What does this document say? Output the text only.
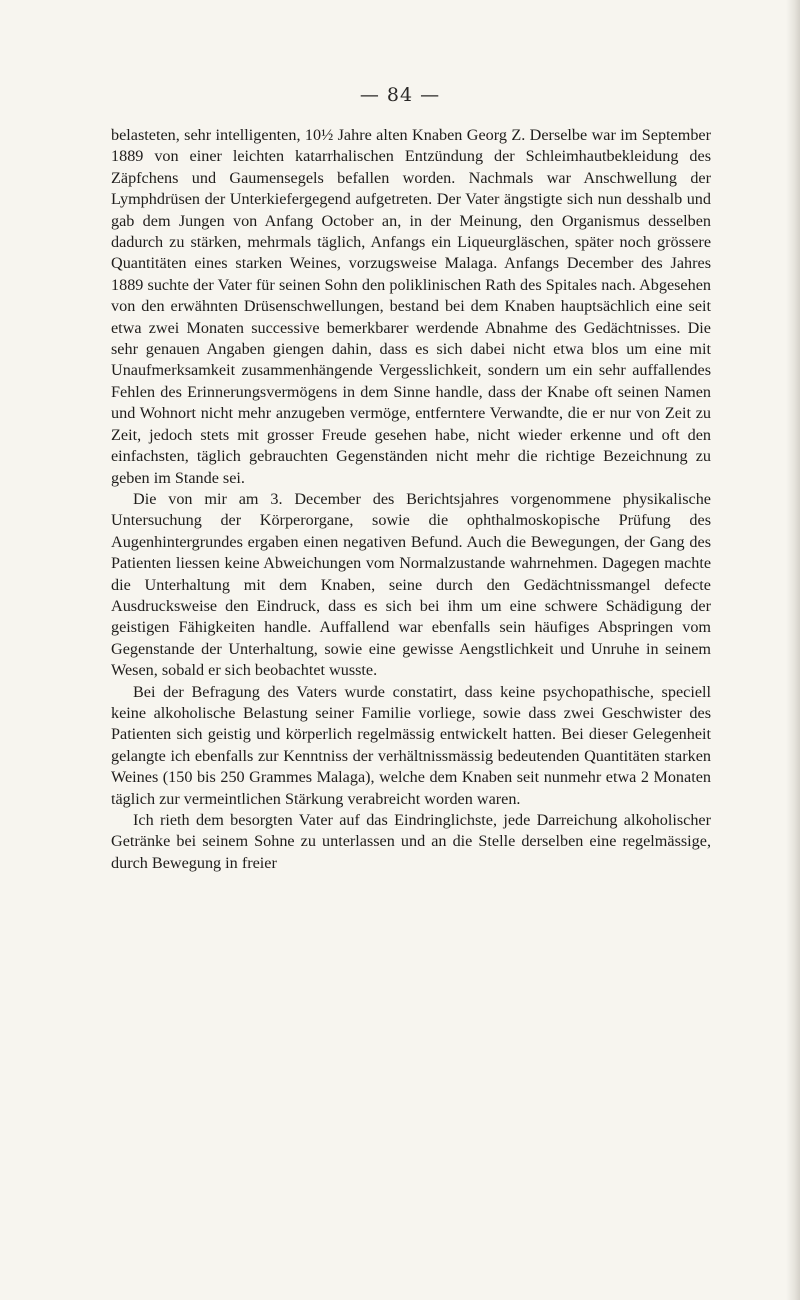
— 84 —

belasteten, sehr intelligenten, 10½ Jahre alten Knaben Georg Z. Derselbe war im September 1889 von einer leichten katarrhalischen Entzündung der Schleimhautbekleidung des Zäpfchens und Gaumensegels befallen worden. Nachmals war Anschwellung der Lymphdrüsen der Unterkiefergegend aufgetreten. Der Vater ängstigte sich nun desshalb und gab dem Jungen von Anfang October an, in der Meinung, den Organismus desselben dadurch zu stärken, mehrmals täglich, Anfangs ein Liqueurgläschen, später noch grössere Quantitäten eines starken Weines, vorzugsweise Malaga. Anfangs December des Jahres 1889 suchte der Vater für seinen Sohn den poliklinischen Rath des Spitales nach. Abgesehen von den erwähnten Drüsenschwellungen, bestand bei dem Knaben hauptsächlich eine seit etwa zwei Monaten successive bemerkbarer werdende Abnahme des Gedächtnisses. Die sehr genauen Angaben giengen dahin, dass es sich dabei nicht etwa blos um eine mit Unaufmerksamkeit zusammenhängende Vergesslichkeit, sondern um ein sehr auffallendes Fehlen des Erinnerungsvermögens in dem Sinne handle, dass der Knabe oft seinen Namen und Wohnort nicht mehr anzugeben vermöge, entferntere Verwandte, die er nur von Zeit zu Zeit, jedoch stets mit grosser Freude gesehen habe, nicht wieder erkenne und oft den einfachsten, täglich gebrauchten Gegenständen nicht mehr die richtige Bezeichnung zu geben im Stande sei.

Die von mir am 3. December des Berichtsjahres vorgenommene physikalische Untersuchung der Körperorgane, sowie die ophthalmoskopische Prüfung des Augenhintergrundes ergaben einen negativen Befund. Auch die Bewegungen, der Gang des Patienten liessen keine Abweichungen vom Normalzustande wahrnehmen. Dagegen machte die Unterhaltung mit dem Knaben, seine durch den Gedächtnissmangel defecte Ausdrucksweise den Eindruck, dass es sich bei ihm um eine schwere Schädigung der geistigen Fähigkeiten handle. Auffallend war ebenfalls sein häufiges Abspringen vom Gegenstande der Unterhaltung, sowie eine gewisse Aengstlichkeit und Unruhe in seinem Wesen, sobald er sich beobachtet wusste.

Bei der Befragung des Vaters wurde constatirt, dass keine psychopathische, speciell keine alkoholische Belastung seiner Familie vorliege, sowie dass zwei Geschwister des Patienten sich geistig und körperlich regelmässig entwickelt hatten. Bei dieser Gelegenheit gelangte ich ebenfalls zur Kenntniss der verhältnissmässig bedeutenden Quantitäten starken Weines (150 bis 250 Grammes Malaga), welche dem Knaben seit nunmehr etwa 2 Monaten täglich zur vermeintlichen Stärkung verabreicht worden waren.

Ich rieth dem besorgten Vater auf das Eindringlichste, jede Darreichung alkoholischer Getränke bei seinem Sohne zu unterlassen und an die Stelle derselben eine regelmässige, durch Bewegung in freier
